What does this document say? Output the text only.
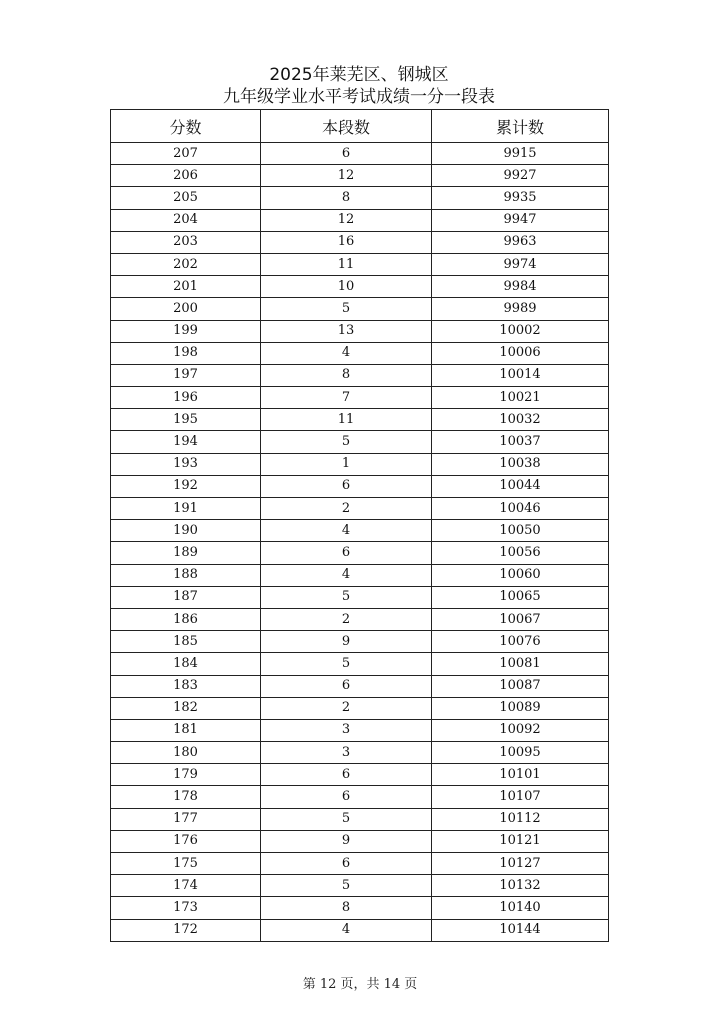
2025年莱芜区、钢城区
九年级学业水平考试成绩一分一段表
分数	本段数	累计数
207	6	9915
206	12	9927
205	8	9935
204	12	9947
203	16	9963
202	11	9974
201	10	9984
200	5	9989
199	13	10002
198	4	10006
197	8	10014
196	7	10021
195	11	10032
194	5	10037
193	1	10038
192	6	10044
191	2	10046
190	4	10050
189	6	10056
188	4	10060
187	5	10065
186	2	10067
185	9	10076
184	5	10081
183	6	10087
182	2	10089
181	3	10092
180	3	10095
179	6	10101
178	6	10107
177	5	10112
176	9	10121
175	6	10127
174	5	10132
173	8	10140
172	4	10144
第 12 页，共 14 页
